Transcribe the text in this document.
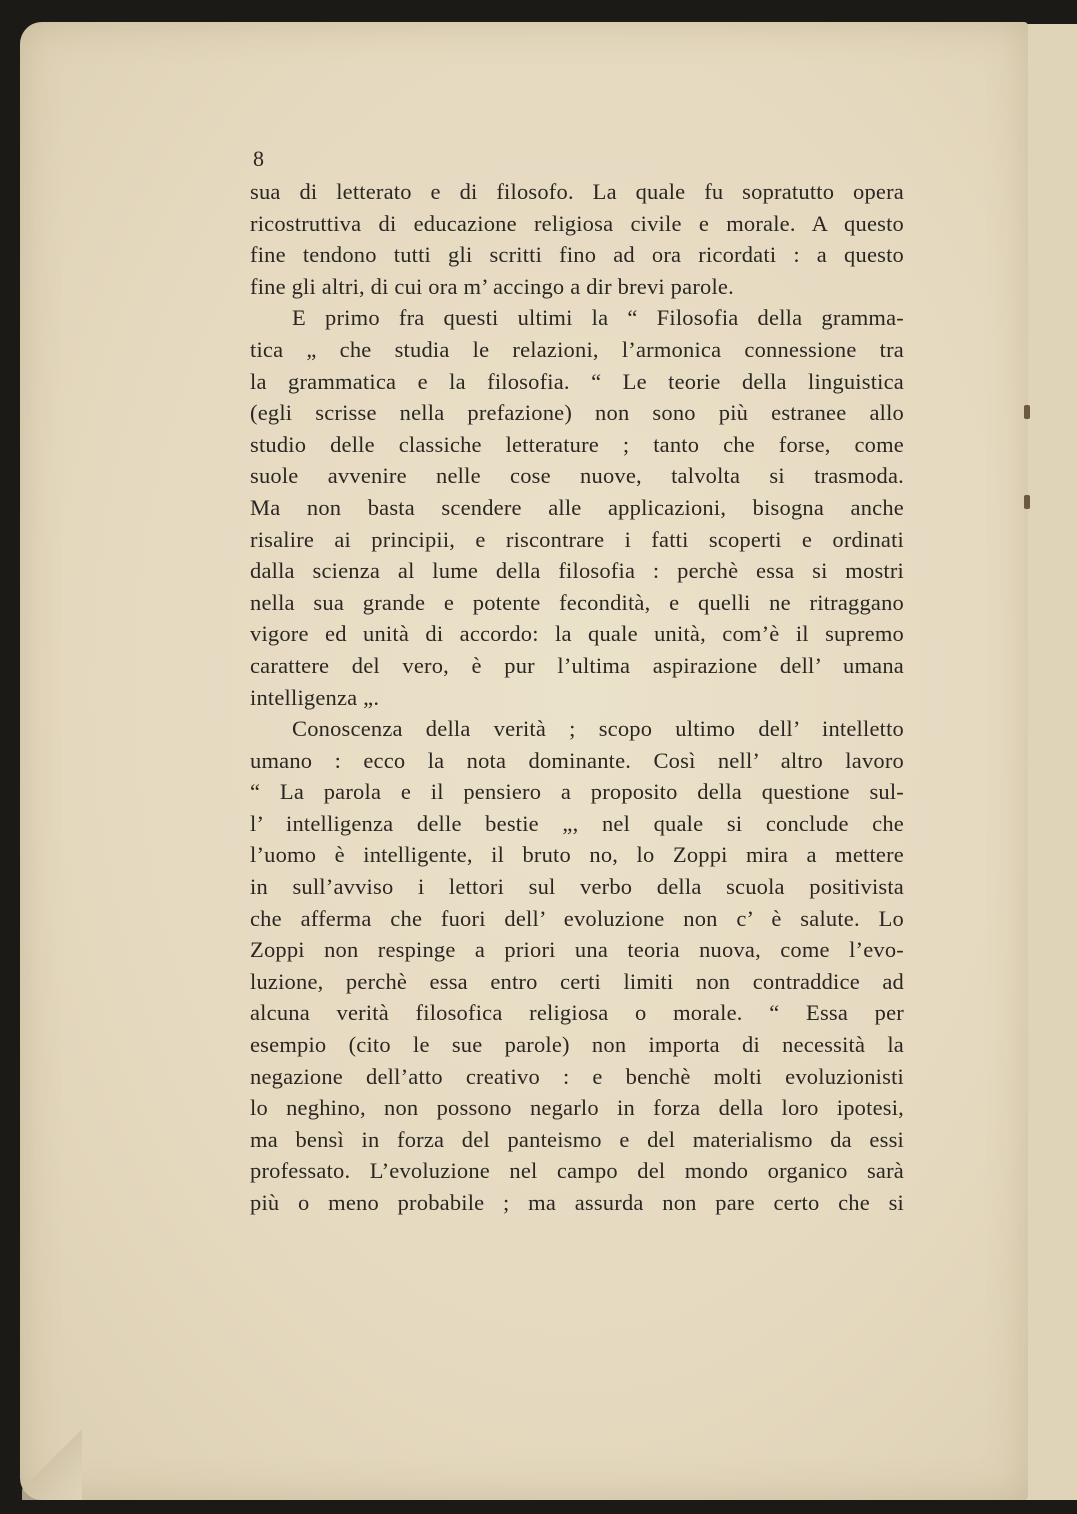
8

sua di letterato e di filosofo. La quale fu sopratutto opera
ricostruttiva di educazione religiosa civile e morale. A questo
fine tendono tutti gli scritti fino ad ora ricordati : a questo
fine gli altri, di cui ora m’ accingo a dir brevi parole.
E primo fra questi ultimi la “ Filosofia della gramma-
tica „ che studia le relazioni, l’armonica connessione tra
la grammatica e la filosofia. “ Le teorie della linguistica
(egli scrisse nella prefazione) non sono più estranee allo
studio delle classiche letterature ; tanto che forse, come
suole avvenire nelle cose nuove, talvolta si trasmoda.
Ma non basta scendere alle applicazioni, bisogna anche
risalire ai principii, e riscontrare i fatti scoperti e ordinati
dalla scienza al lume della filosofia : perchè essa si mostri
nella sua grande e potente fecondità, e quelli ne ritraggano
vigore ed unità di accordo: la quale unità, com’è il supremo
carattere del vero, è pur l’ultima aspirazione dell’ umana
intelligenza „.
Conoscenza della verità ; scopo ultimo dell’ intelletto
umano : ecco la nota dominante. Così nell’ altro lavoro
“ La parola e il pensiero a proposito della questione sul-
l’ intelligenza delle bestie „, nel quale si conclude che
l’uomo è intelligente, il bruto no, lo Zoppi mira a mettere
in sull’avviso i lettori sul verbo della scuola positivista
che afferma che fuori dell’ evoluzione non c’ è salute. Lo
Zoppi non respinge a priori una teoria nuova, come l’evo-
luzione, perchè essa entro certi limiti non contraddice ad
alcuna verità filosofica religiosa o morale. “ Essa per
esempio (cito le sue parole) non importa di necessità la
negazione dell’atto creativo : e benchè molti evoluzionisti
lo neghino, non possono negarlo in forza della loro ipotesi,
ma bensì in forza del panteismo e del materialismo da essi
professato. L’evoluzione nel campo del mondo organico sarà
più o meno probabile ; ma assurda non pare certo che si
